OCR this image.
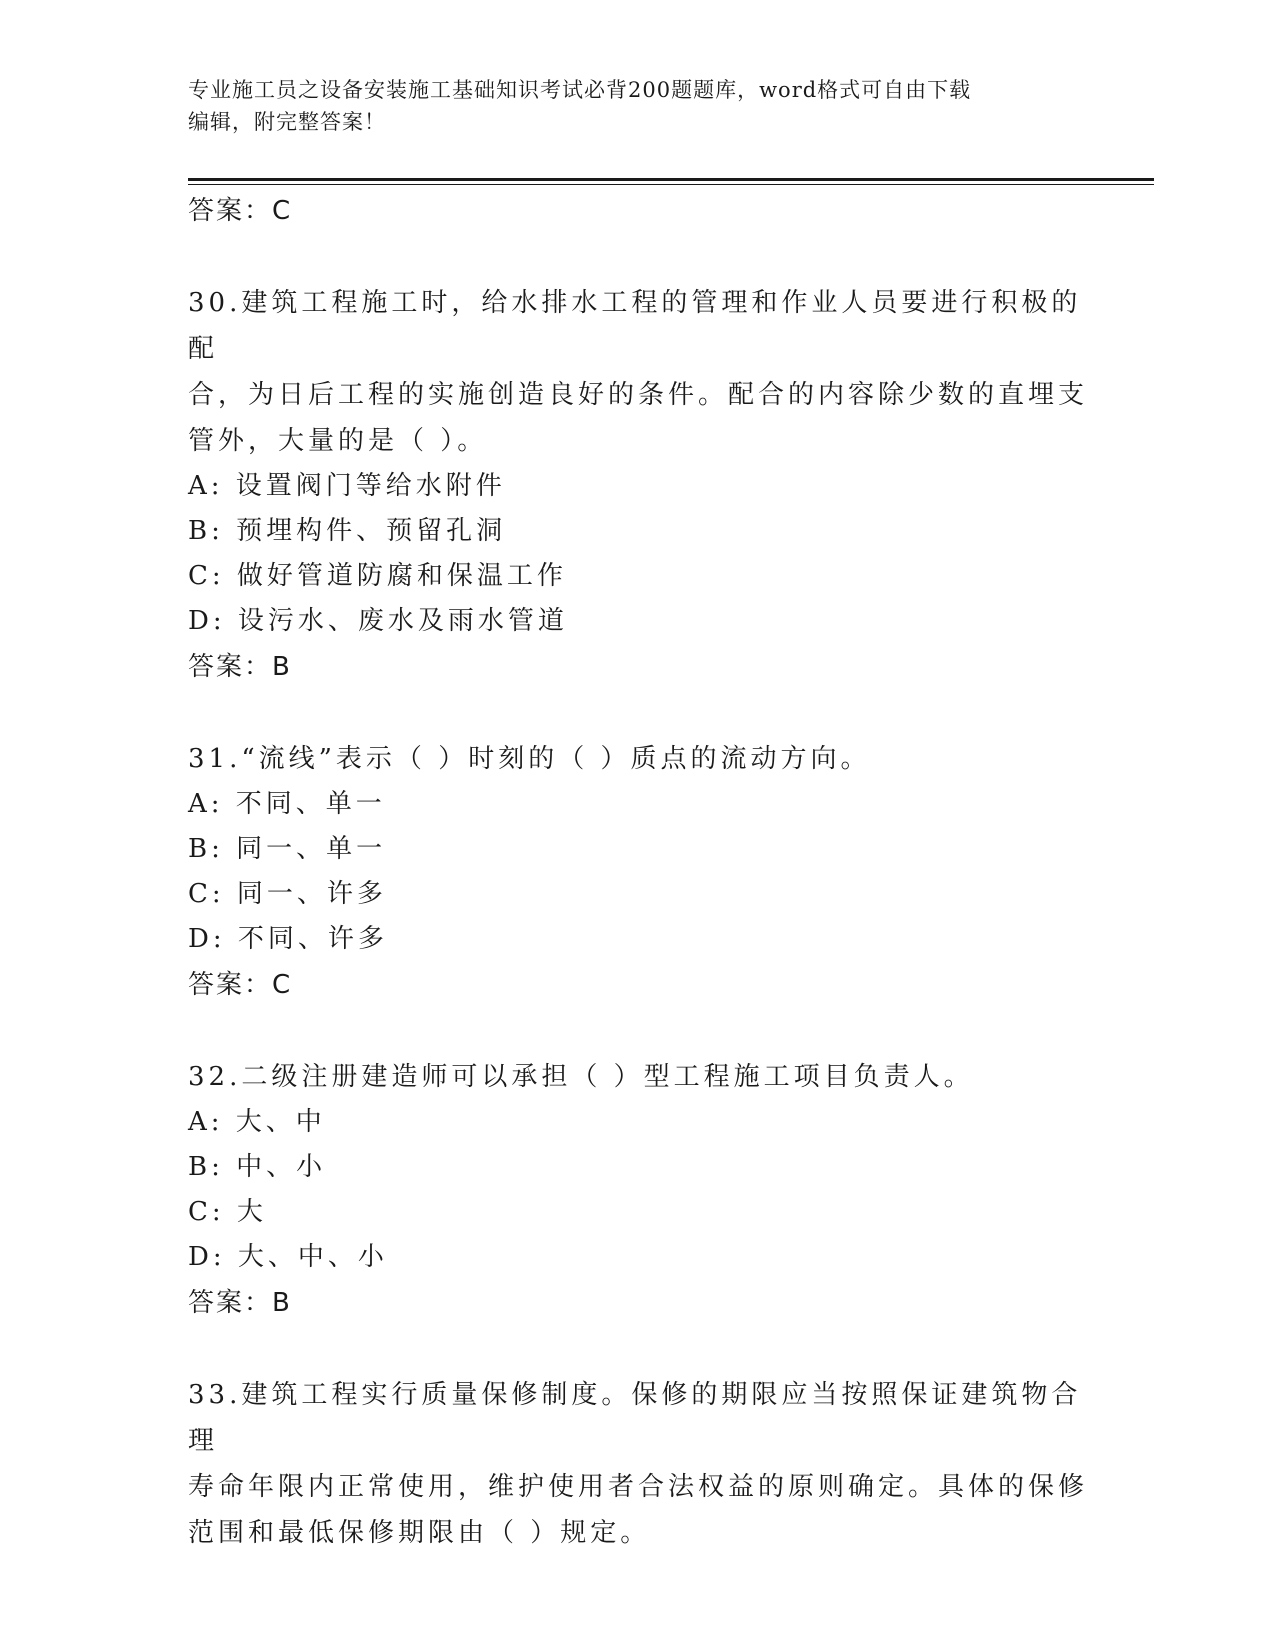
专业施工员之设备安装施工基础知识考试必背200题题库，word格式可自由下载
编辑，附完整答案！
答案：C
30.建筑工程施工时，给水排水工程的管理和作业人员要进行积极的配
合，为日后工程的实施创造良好的条件。配合的内容除少数的直埋支
管外，大量的是（ ）。
A: 设置阀门等给水附件
B: 预埋构件、预留孔洞
C: 做好管道防腐和保温工作
D: 设污水、废水及雨水管道
答案：B
31.“流线”表示（ ）时刻的（ ）质点的流动方向。
A: 不同、单一
B: 同一、单一
C: 同一、许多
D: 不同、许多
答案：C
32.二级注册建造师可以承担（ ）型工程施工项目负责人。
A: 大、中
B: 中、小
C: 大
D: 大、中、小
答案：B
33.建筑工程实行质量保修制度。保修的期限应当按照保证建筑物合理
寿命年限内正常使用，维护使用者合法权益的原则确定。具体的保修
范围和最低保修期限由（ ）规定。
